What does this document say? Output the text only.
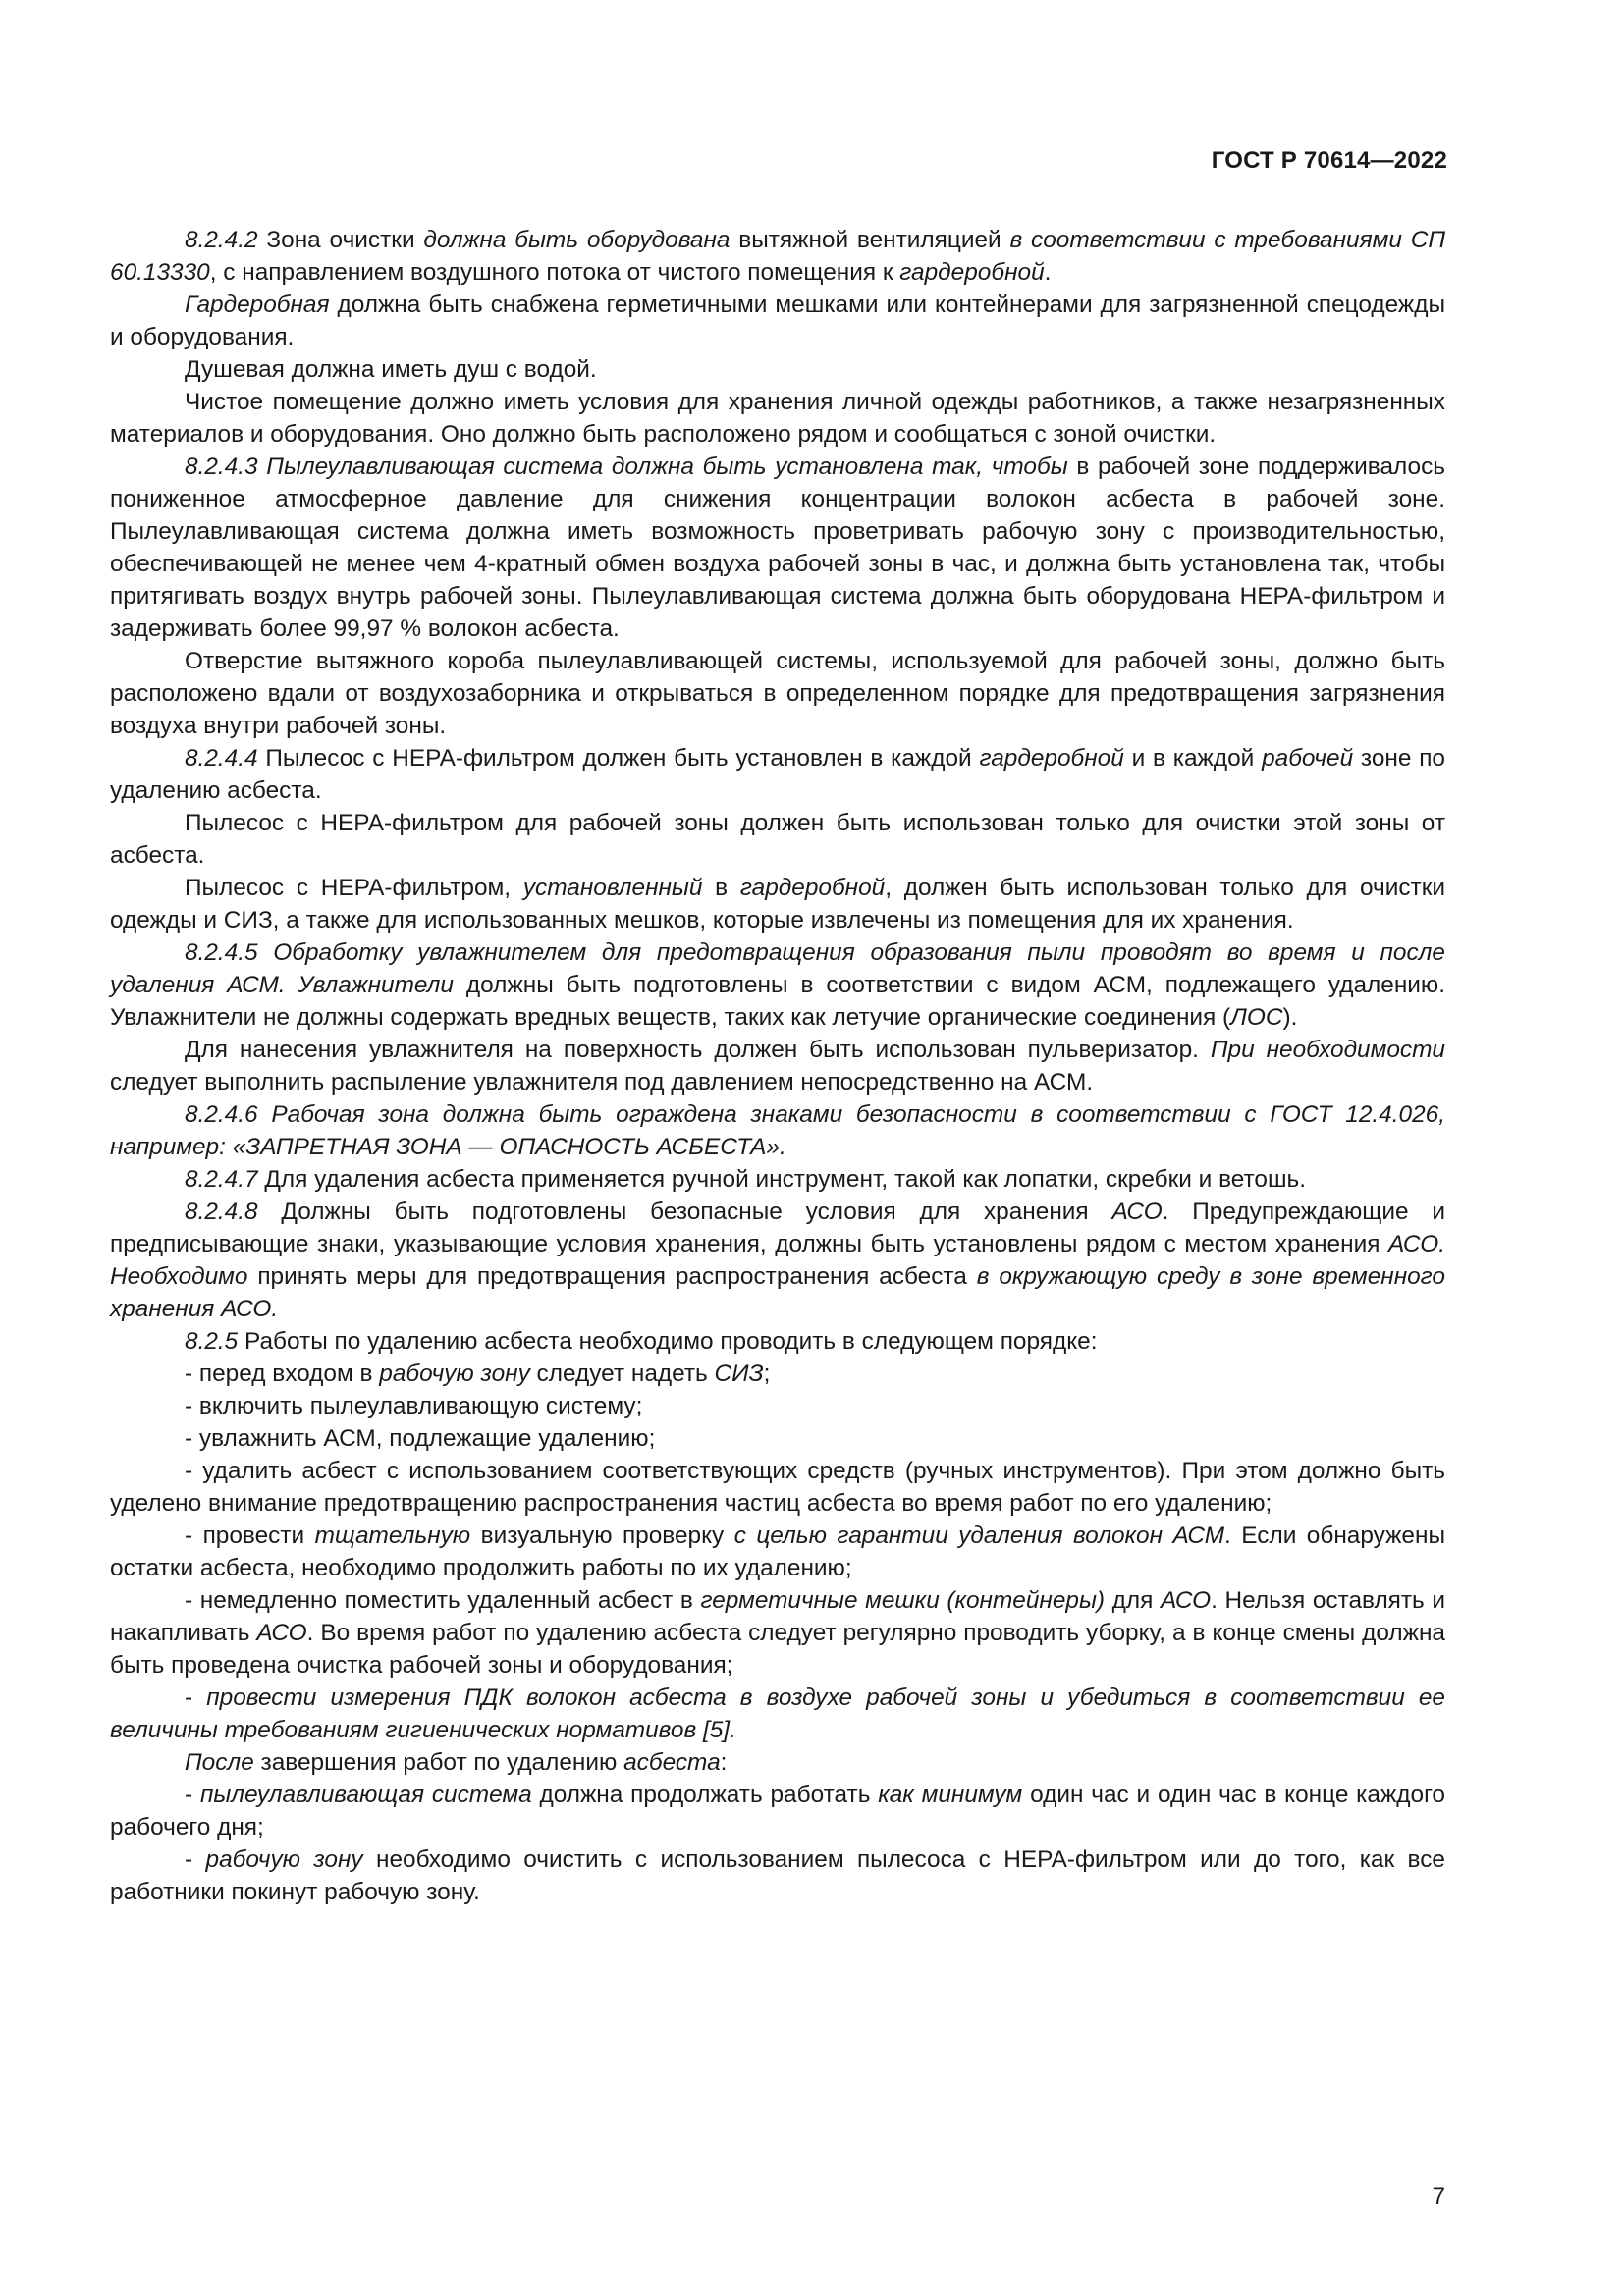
ГОСТ Р 70614—2022

8.2.4.2 Зона очистки должна быть оборудована вытяжной вентиляцией в соответствии с требованиями СП 60.13330, с направлением воздушного потока от чистого помещения к гардеробной.

Гардеробная должна быть снабжена герметичными мешками или контейнерами для загрязненной спецодежды и оборудования.

Душевая должна иметь душ с водой.

Чистое помещение должно иметь условия для хранения личной одежды работников, а также незагрязненных материалов и оборудования. Оно должно быть расположено рядом и сообщаться с зоной очистки.

8.2.4.3 Пылеулавливающая система должна быть установлена так, чтобы в рабочей зоне поддерживалось пониженное атмосферное давление для снижения концентрации волокон асбеста в рабочей зоне. Пылеулавливающая система должна иметь возможность проветривать рабочую зону с производительностью, обеспечивающей не менее чем 4-кратный обмен воздуха рабочей зоны в час, и должна быть установлена так, чтобы притягивать воздух внутрь рабочей зоны. Пылеулавливающая система должна быть оборудована HEPA-фильтром и задерживать более 99,97 % волокон асбеста.

Отверстие вытяжного короба пылеулавливающей системы, используемой для рабочей зоны, должно быть расположено вдали от воздухозаборника и открываться в определенном порядке для предотвращения загрязнения воздуха внутри рабочей зоны.

8.2.4.4 Пылесос с HEPA-фильтром должен быть установлен в каждой гардеробной и в каждой рабочей зоне по удалению асбеста.

Пылесос с HEPA-фильтром для рабочей зоны должен быть использован только для очистки этой зоны от асбеста.

Пылесос с HEPA-фильтром, установленный в гардеробной, должен быть использован только для очистки одежды и СИЗ, а также для использованных мешков, которые извлечены из помещения для их хранения.

8.2.4.5 Обработку увлажнителем для предотвращения образования пыли проводят во время и после удаления АСМ. Увлажнители должны быть подготовлены в соответствии с видом АСМ, подлежащего удалению. Увлажнители не должны содержать вредных веществ, таких как летучие органические соединения (ЛОС).

Для нанесения увлажнителя на поверхность должен быть использован пульверизатор. При необходимости следует выполнить распыление увлажнителя под давлением непосредственно на АСМ.

8.2.4.6 Рабочая зона должна быть ограждена знаками безопасности в соответствии с ГОСТ 12.4.026, например: «ЗАПРЕТНАЯ ЗОНА — ОПАСНОСТЬ АСБЕСТА».

8.2.4.7 Для удаления асбеста применяется ручной инструмент, такой как лопатки, скребки и ветошь.

8.2.4.8 Должны быть подготовлены безопасные условия для хранения АСО. Предупреждающие и предписывающие знаки, указывающие условия хранения, должны быть установлены рядом с местом хранения АСО. Необходимо принять меры для предотвращения распространения асбеста в окружающую среду в зоне временного хранения АСО.

8.2.5 Работы по удалению асбеста необходимо проводить в следующем порядке:

- перед входом в рабочую зону следует надеть СИЗ;

- включить пылеулавливающую систему;

- увлажнить АСМ, подлежащие удалению;

- удалить асбест с использованием соответствующих средств (ручных инструментов). При этом должно быть уделено внимание предотвращению распространения частиц асбеста во время работ по его удалению;

- провести тщательную визуальную проверку с целью гарантии удаления волокон АСМ. Если обнаружены остатки асбеста, необходимо продолжить работы по их удалению;

- немедленно поместить удаленный асбест в герметичные мешки (контейнеры) для АСО. Нельзя оставлять и накапливать АСО. Во время работ по удалению асбеста следует регулярно проводить уборку, а в конце смены должна быть проведена очистка рабочей зоны и оборудования;

- провести измерения ПДК волокон асбеста в воздухе рабочей зоны и убедиться в соответствии ее величины требованиям гигиенических нормативов [5].

После завершения работ по удалению асбеста:

- пылеулавливающая система должна продолжать работать как минимум один час и один час в конце каждого рабочего дня;

- рабочую зону необходимо очистить с использованием пылесоса с HEPA-фильтром или до того, как все работники покинут рабочую зону.

7
